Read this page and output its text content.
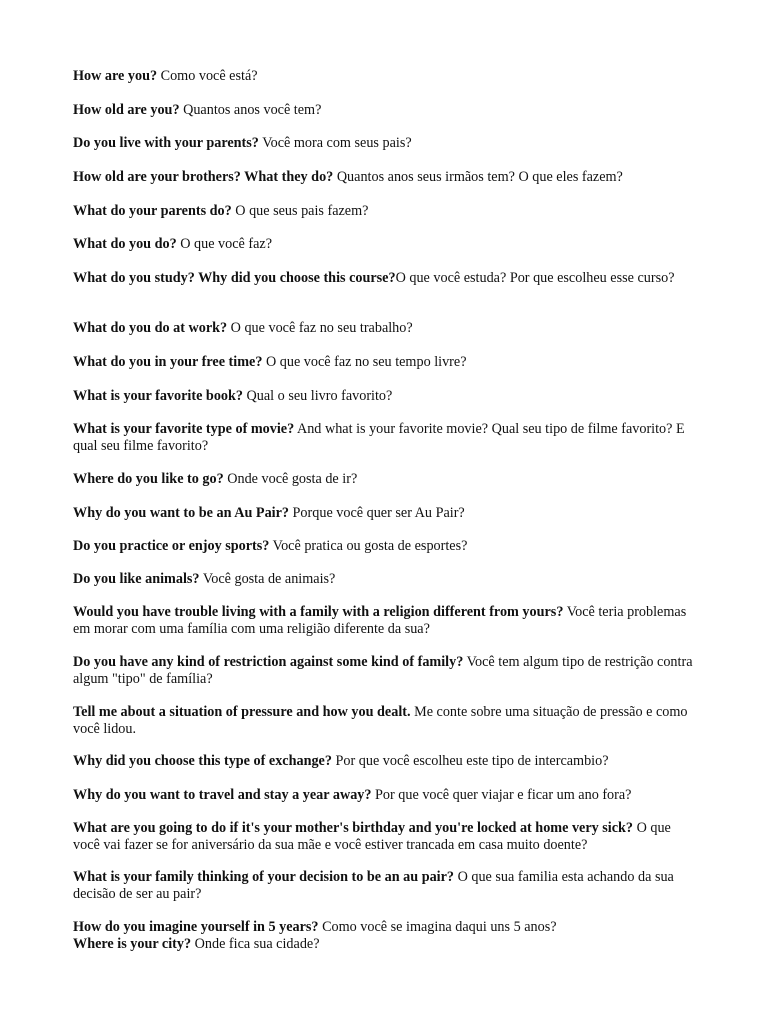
How are you? Como você está?

How old are you? Quantos anos você tem?

Do you live with your parents? Você mora com seus pais?

How old are your brothers? What they do? Quantos anos seus irmãos tem? O que eles fazem?

What do your parents do? O que seus pais fazem?

What do you do? O que você faz?

What do you study? Why did you choose this course?O que você estuda? Por que escolheu esse curso?

What do you do at work? O que você faz no seu trabalho?

What do you in your free time? O que você faz no seu tempo livre?

What is your favorite book? Qual o seu livro favorito?

What is your favorite type of movie? And what is your favorite movie? Qual seu tipo de filme favorito? E qual seu filme favorito?

Where do you like to go? Onde você gosta de ir?

Why do you want to be an Au Pair? Porque você quer ser Au Pair?

Do you practice or enjoy sports? Você pratica ou gosta de esportes?

Do you like animals? Você gosta de animais?

Would you have trouble living with a family with a religion different from yours? Você teria problemas em morar com uma família com uma religião diferente da sua?

Do you have any kind of restriction against some kind of family? Você tem algum tipo de restrição contra algum "tipo" de família?

Tell me about a situation of pressure and how you dealt. Me conte sobre uma situação de pressão e como você lidou.

Why did you choose this type of exchange? Por que você escolheu este tipo de intercambio?

Why do you want to travel and stay a year away? Por que você quer viajar e ficar um ano fora?

What are you going to do if it's your mother's birthday and you're locked at home very sick? O que você vai fazer se for aniversário da sua mãe e você estiver trancada em casa muito doente?

What is your family thinking of your decision to be an au pair? O que sua familia esta achando da sua decisão de ser au pair?

How do you imagine yourself in 5 years? Como você se imagina daqui uns 5 anos?

Where is your city? Onde fica sua cidade?
